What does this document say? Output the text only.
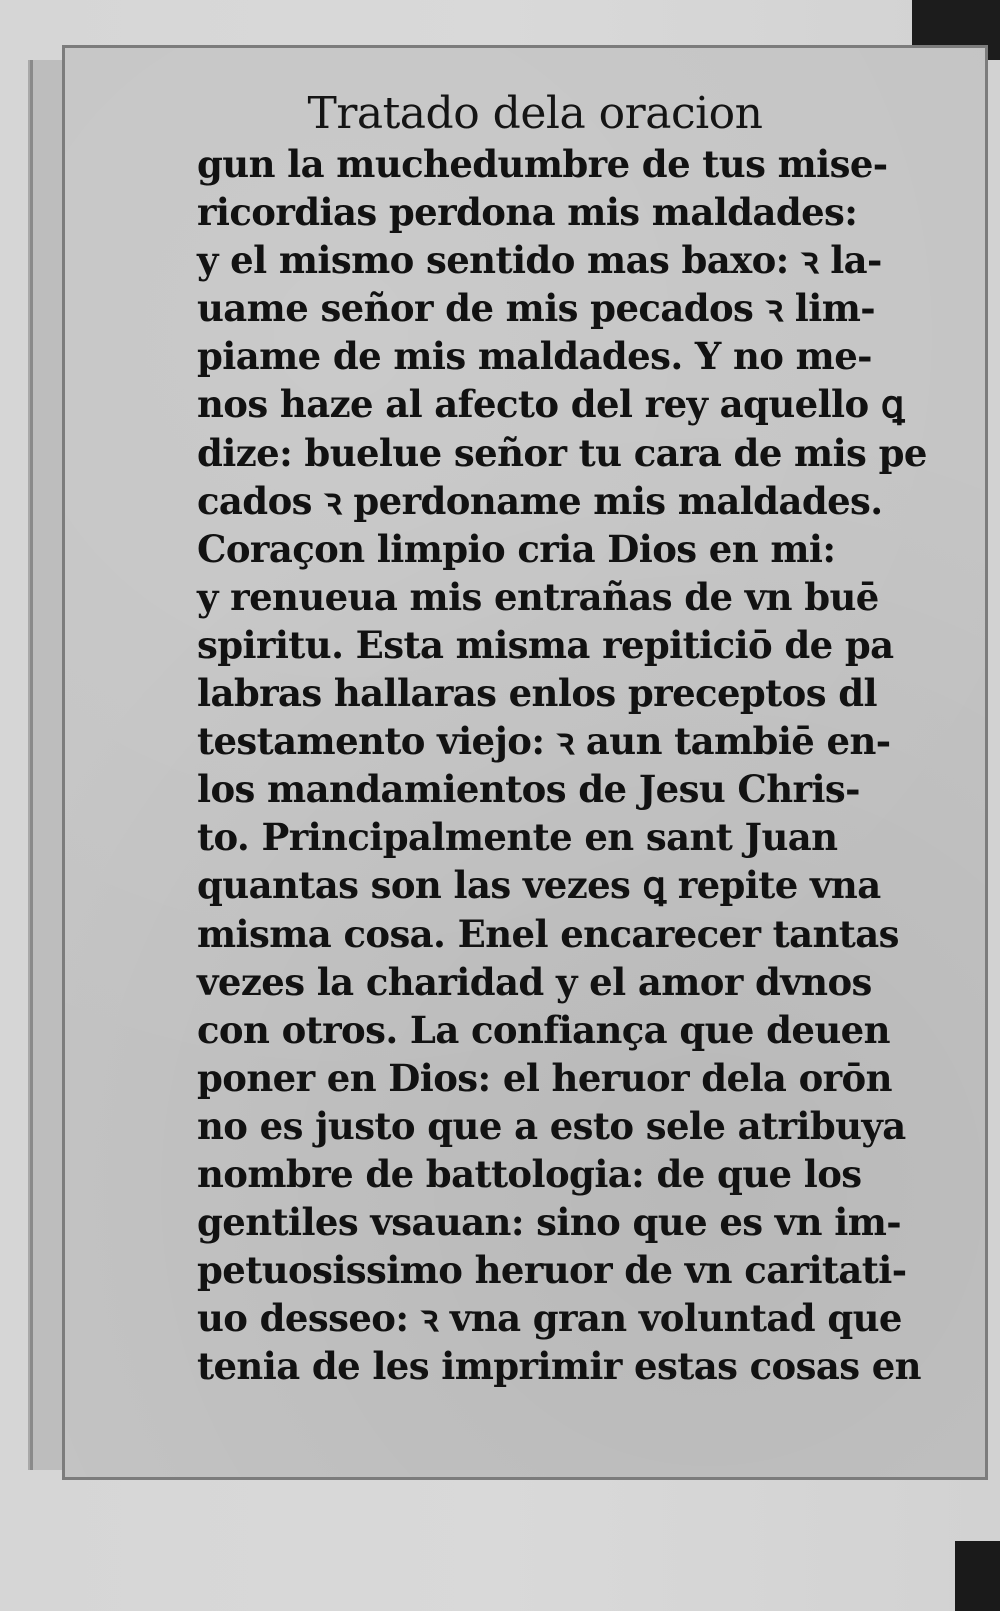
Tratado dela oracion
gun la muchedumbre de tus mise-
ricordias perdona mis maldades:
y el mismo sentido mas baxo: ꝛ la-
uame señor de mis pecados ꝛ lim-
piame de mis maldades. Y no me-
nos haze al afecto del rey aquello ꝗ
dize: buelue señor tu cara de mis pe
cados ꝛ perdoname mis maldades.
Coraçon limpio cria Dios en mi:
y renueua mis entrañas de vn buē
spiritu. Esta misma repiticiō de pa
labras hallaras enlos preceptos dl
testamento viejo: ꝛ aun tambiē en-
los mandamientos de Jesu Chris-
to. Principalmente en sant Juan
quantas son las vezes ꝗ repite vna
misma cosa. Enel encarecer tantas
vezes la charidad y el amor dvnos
con otros. La confiança que deuen
poner en Dios: el heruor dela orōn
no es justo que a esto sele atribuya
nombre de battologia: de que los
gentiles vsauan: sino que es vn im-
petuosissimo heruor de vn caritati-
uo desseo: ꝛ vna gran voluntad que
tenia de les imprimir estas cosas en
